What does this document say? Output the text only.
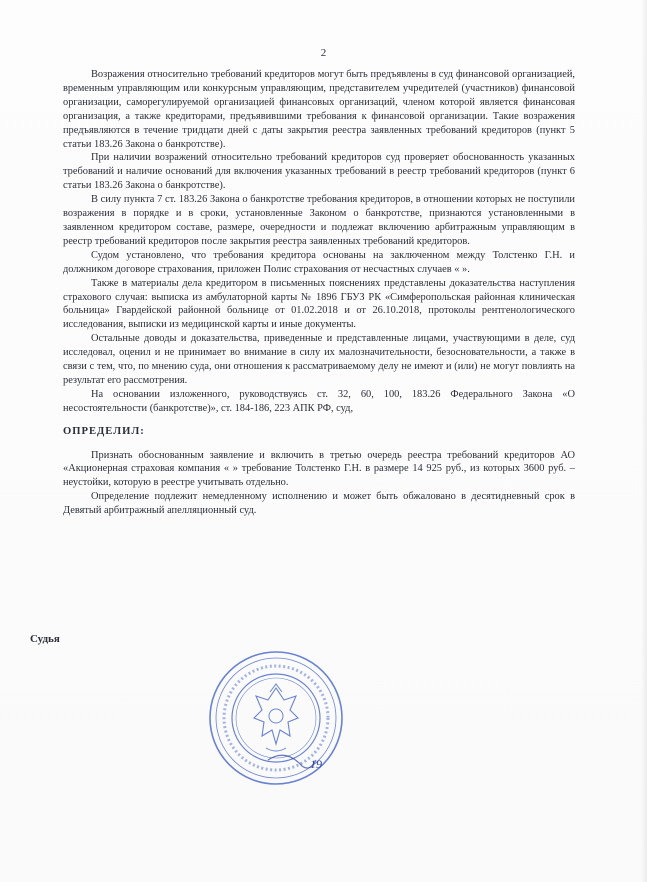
2

Возражения относительно требований кредиторов могут быть предъявлены в суд финансовой организацией, временным управляющим или конкурсным управляющим, представителем учредителей (участников) финансовой организации, саморегулируемой организацией финансовых организаций, членом которой является финансовая организация, а также кредиторами, предъявившими требования к финансовой организации. Такие возражения предъявляются в течение тридцати дней с даты закрытия реестра заявленных требований кредиторов (пункт 5 статьи 183.26 Закона о банкротстве).

При наличии возражений относительно требований кредиторов суд проверяет обоснованность указанных требований и наличие оснований для включения указанных требований в реестр требований кредиторов (пункт 6 статьи 183.26 Закона о банкротстве).

В силу пункта 7 ст. 183.26 Закона о банкротстве требования кредиторов, в отношении которых не поступили возражения в порядке и в сроки, установленные Законом о банкротстве, признаются установленными в заявленном кредитором составе, размере, очередности и подлежат включению арбитражным управляющим в реестр требований кредиторов после закрытия реестра заявленных требований кредиторов.

Судом установлено, что требования кредитора основаны на заключенном между Толстенко Г.Н. и должником договоре страхования, приложен Полис страхования от несчастных случаев « ».

Также в материалы дела кредитором в письменных пояснениях представлены доказательства наступления страхового случая: выписка из амбулаторной карты № 1896 ГБУЗ РК «Симферопольская районная клиническая больница» Гвардейской районной больнице от 01.02.2018 и от 26.10.2018, протоколы рентгенологического исследования, выписки из медицинской карты и иные документы.

Остальные доводы и доказательства, приведенные и представленные лицами, участвующими в деле, суд исследовал, оценил и не принимает во внимание в силу их малозначительности, безосновательности, а также в связи с тем, что, по мнению суда, они отношения к рассматриваемому делу не имеют и (или) не могут повлиять на результат его рассмотрения.

На основании изложенного, руководствуясь ст. 32, 60, 100, 183.26 Федерального Закона «О несостоятельности (банкротстве)», ст. 184-186, 223 АПК РФ, суд,

ОПРЕДЕЛИЛ:

Признать обоснованным заявление и включить в третью очередь реестра требований кредиторов АО «Акционерная страховая компания « » требование Толстенко Г.Н. в размере 14 925 руб., из которых 3600 руб. – неустойки, которую в реестре учитывать отдельно.

Определение подлежит немедленному исполнению и может быть обжаловано в десятидневный срок в Девятый арбитражный апелляционный суд.

Судья
19
